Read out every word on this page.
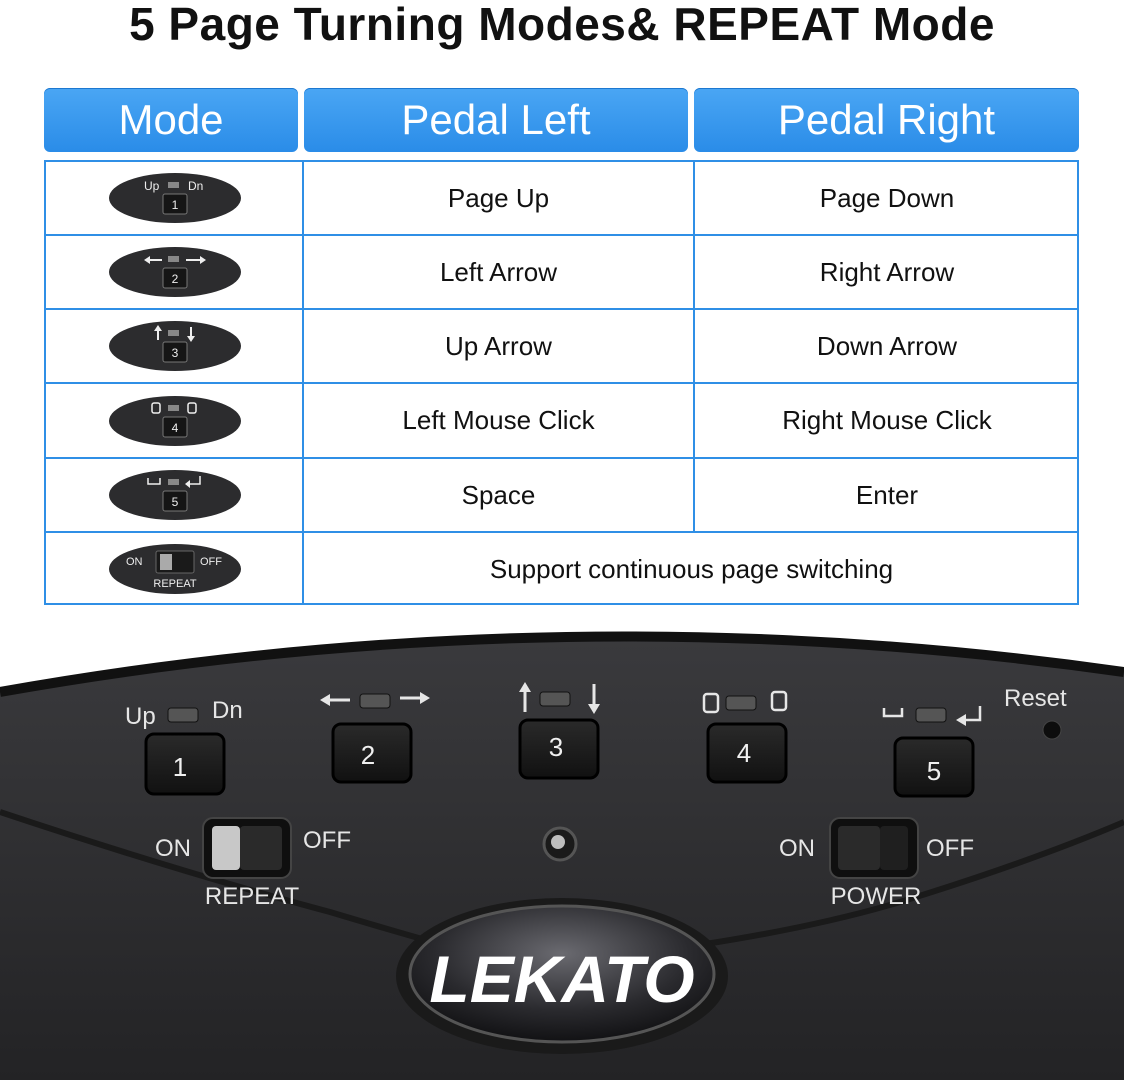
5 Page Turning Modes& REPEAT Mode
Mode	Pedal Left	Pedal Right
Page Up	Page Down
Left Arrow	Right Arrow
Up Arrow	Down Arrow
Left Mouse Click	Right Mouse Click
Space	Enter
Support continuous page switching
Up Dn
1
2
3
4
5
ON	OFF
REPEAT
Up Dn
1	2	3	4
5
Reset
ON	OFF
REPEAT
ON	OFF
POWER
LEKATO
